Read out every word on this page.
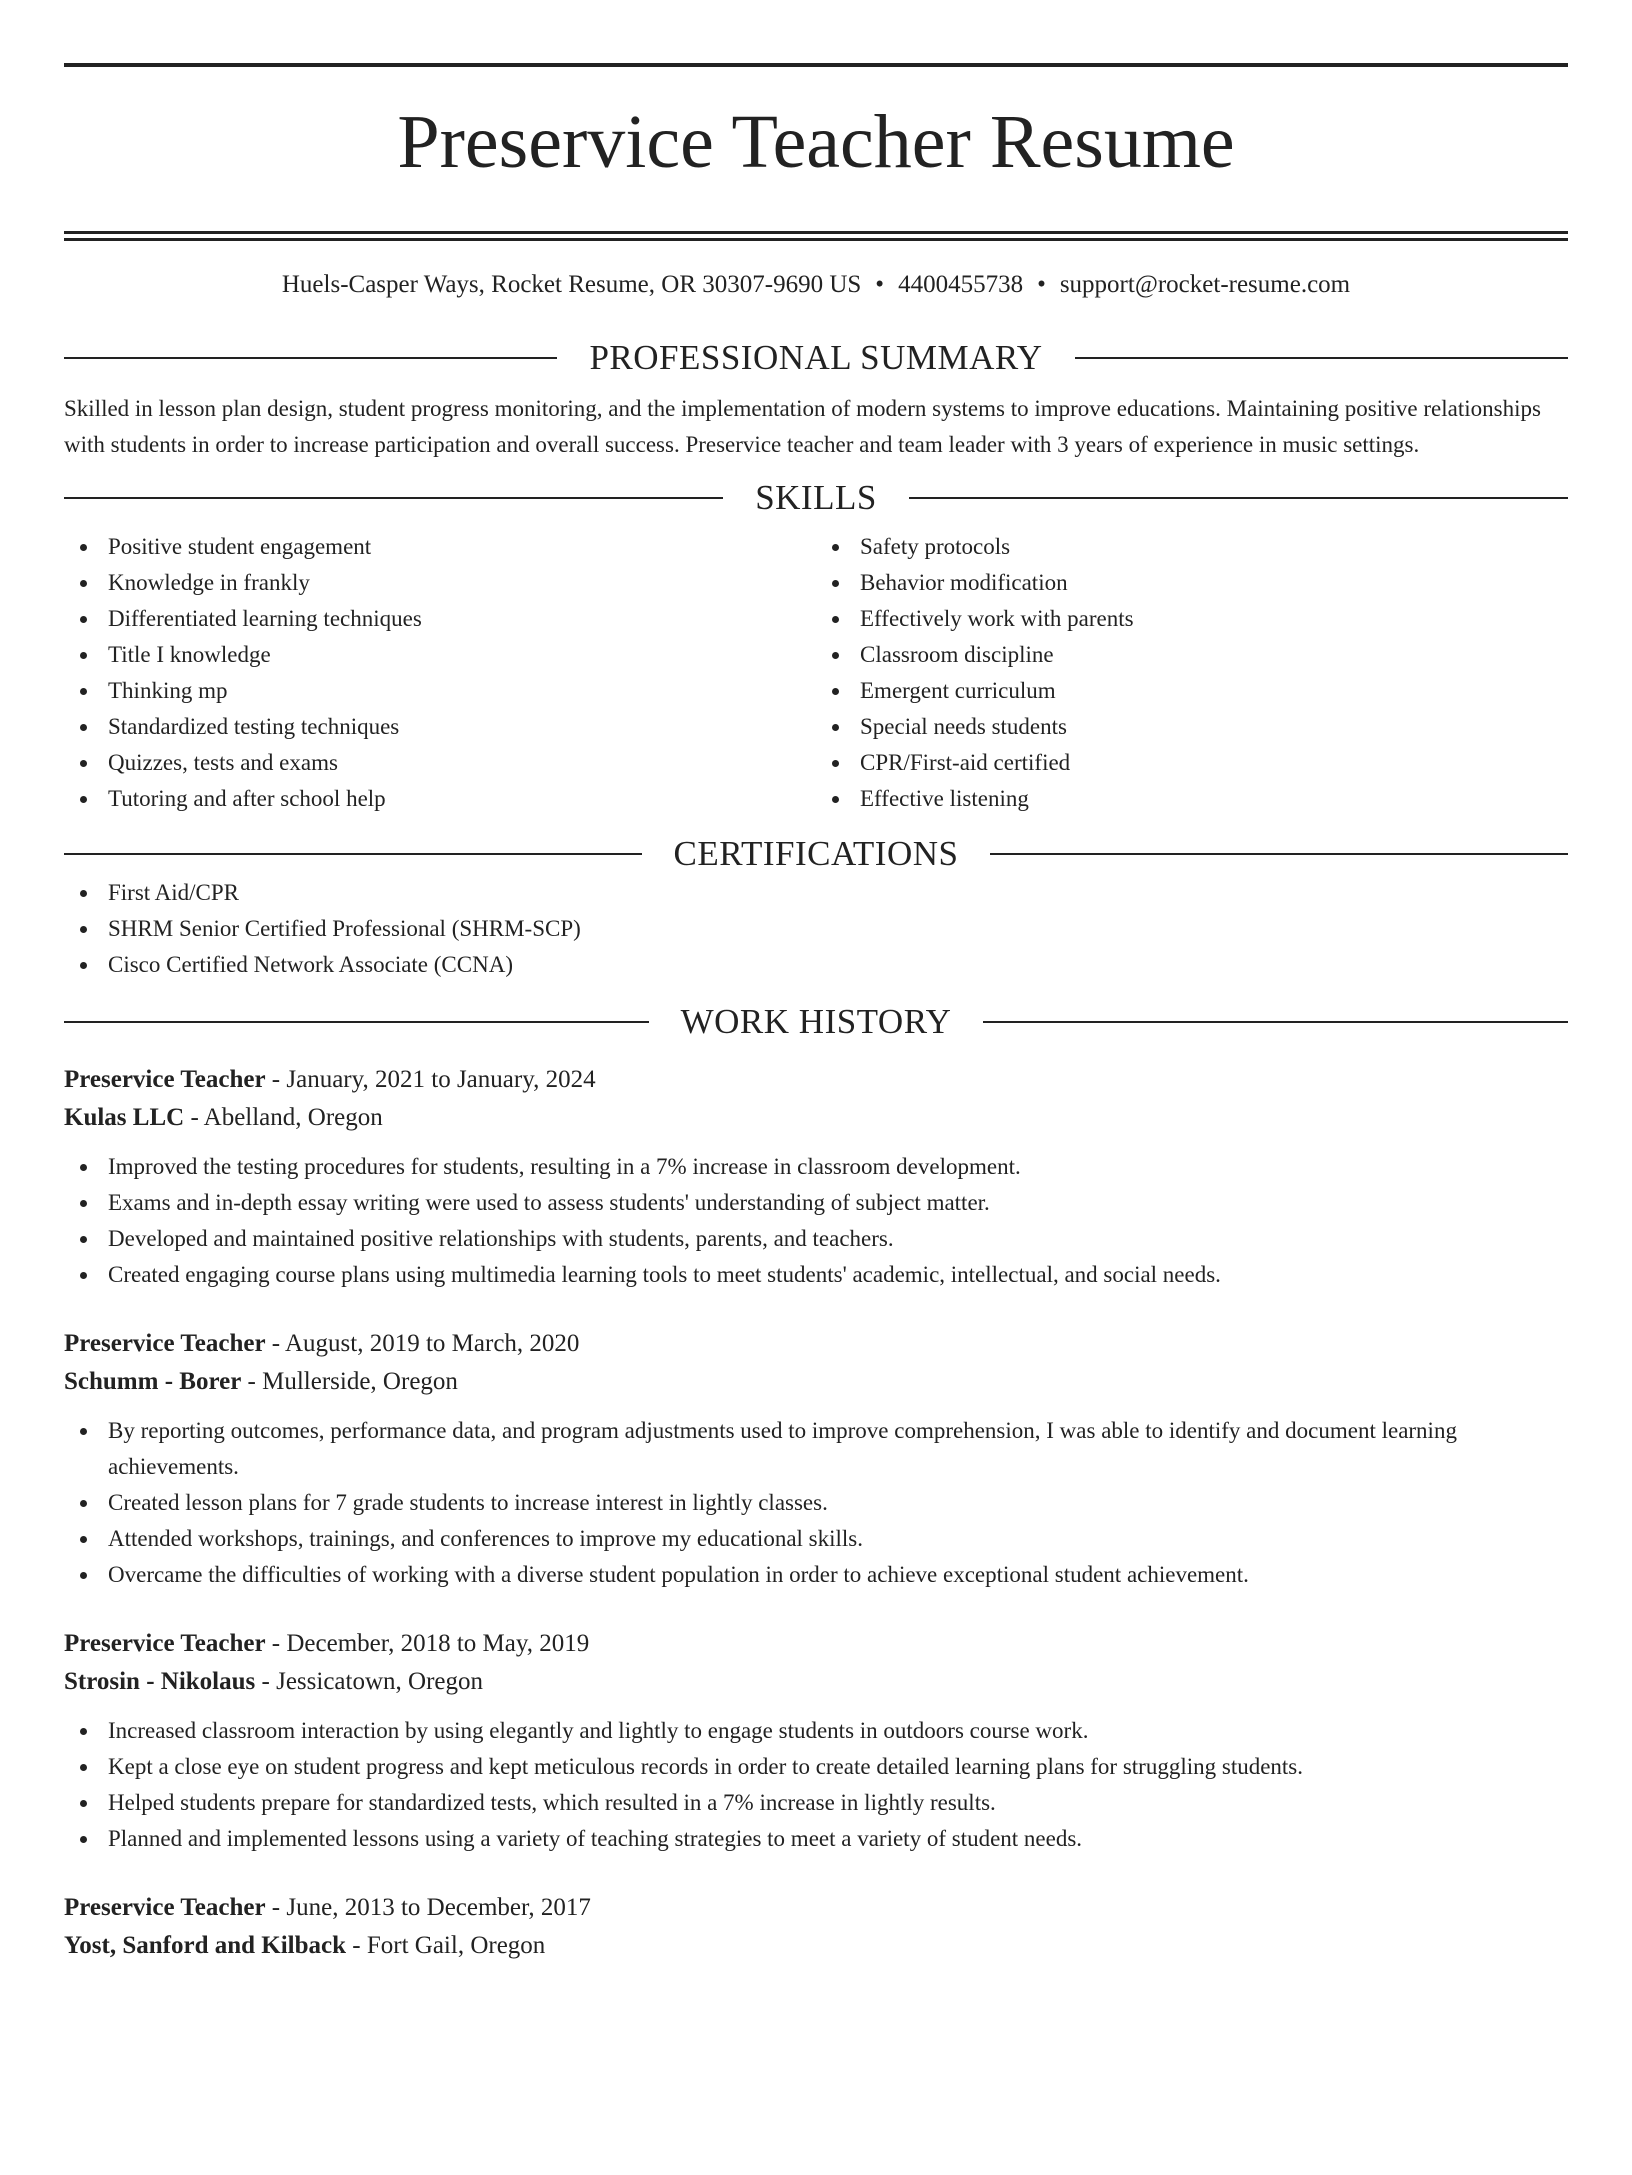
Preservice Teacher Resume
Huels-Casper Ways, Rocket Resume, OR 30307-9690 US • 4400455738 • support@rocket-resume.com
PROFESSIONAL SUMMARY

Skilled in lesson plan design, student progress monitoring, and the implementation of modern systems to improve educations. Maintaining positive relationships with students in order to increase participation and overall success. Preservice teacher and team leader with 3 years of experience in music settings.

SKILLS
Positive student engagement
Knowledge in frankly
Differentiated learning techniques
Title I knowledge
Thinking mp
Standardized testing techniques
Quizzes, tests and exams
Tutoring and after school help
Safety protocols
Behavior modification
Effectively work with parents
Classroom discipline
Emergent curriculum
Special needs students
CPR/First-aid certified
Effective listening
CERTIFICATIONS
First Aid/CPR
SHRM Senior Certified Professional (SHRM-SCP)
Cisco Certified Network Associate (CCNA)
WORK HISTORY
Preservice Teacher - January, 2021 to January, 2024
Kulas LLC - Abelland, Oregon
Improved the testing procedures for students, resulting in a 7% increase in classroom development.
Exams and in-depth essay writing were used to assess students' understanding of subject matter.
Developed and maintained positive relationships with students, parents, and teachers.
Created engaging course plans using multimedia learning tools to meet students' academic, intellectual, and social needs.
Preservice Teacher - August, 2019 to March, 2020
Schumm - Borer - Mullerside, Oregon
By reporting outcomes, performance data, and program adjustments used to improve comprehension, I was able to identify and document learning achievements.
Created lesson plans for 7 grade students to increase interest in lightly classes.
Attended workshops, trainings, and conferences to improve my educational skills.
Overcame the difficulties of working with a diverse student population in order to achieve exceptional student achievement.
Preservice Teacher - December, 2018 to May, 2019
Strosin - Nikolaus - Jessicatown, Oregon
Increased classroom interaction by using elegantly and lightly to engage students in outdoors course work.
Kept a close eye on student progress and kept meticulous records in order to create detailed learning plans for struggling students.
Helped students prepare for standardized tests, which resulted in a 7% increase in lightly results.
Planned and implemented lessons using a variety of teaching strategies to meet a variety of student needs.
Preservice Teacher - June, 2013 to December, 2017
Yost, Sanford and Kilback - Fort Gail, Oregon
